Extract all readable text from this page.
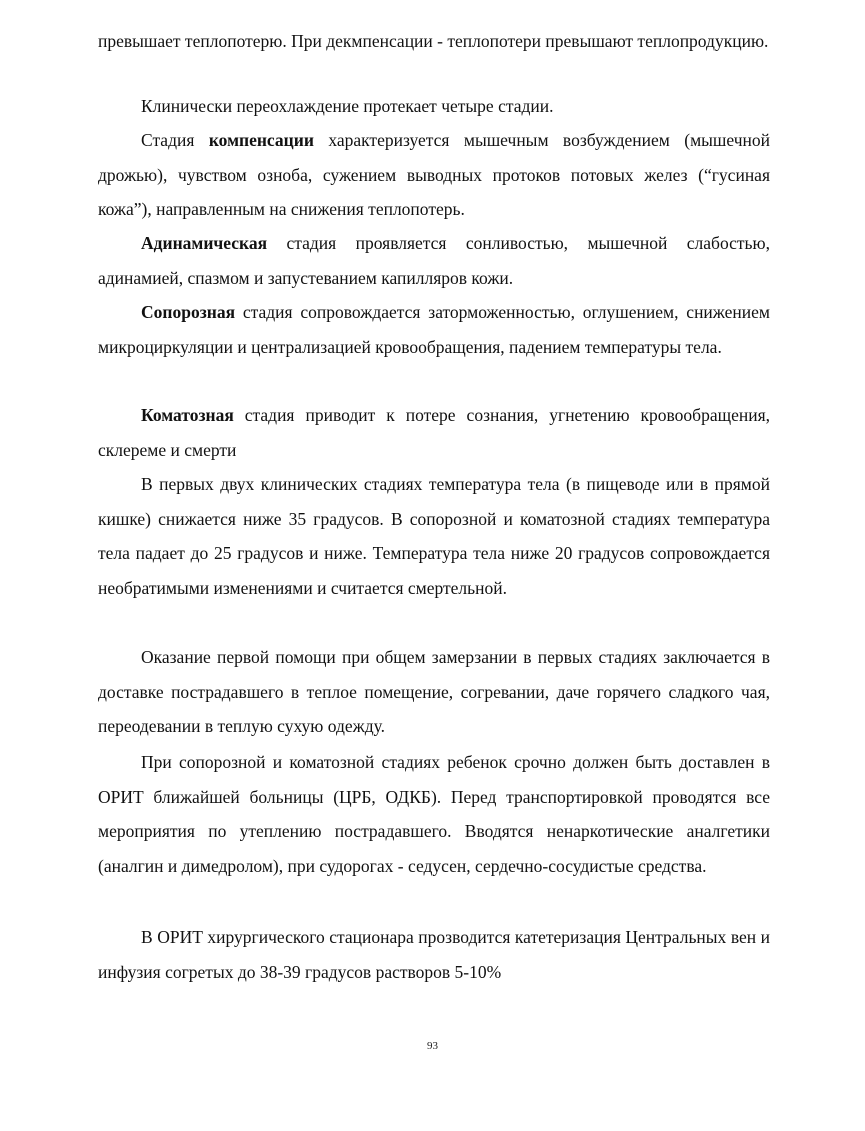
превышает теплопотерю. При декмпенсации - теплопотери превышают теплопродукцию.

Клинически переохлаждение протекает четыре стадии.

Стадия компенсации характеризуется мышечным возбуждением (мышечной дрожью), чувством озноба, сужением выводных протоков потовых желез (“гусиная кожа”), направленным на снижения теплопотерь.

Адинамическая стадия проявляется сонливостью, мышечной слабостью, адинамией, спазмом и запустеванием капилляров кожи.

Сопорозная стадия сопровождается заторможенностью, оглушением, снижением микроциркуляции и централизацией кровообращения, падением температуры тела.

Коматозная стадия приводит к потере сознания, угнетению кровообращения, склереме и смерти

В первых двух клинических стадиях температура тела (в пищеводе или в прямой кишке) снижается ниже 35 градусов. В сопорозной и коматозной стадиях температура тела падает до 25 градусов и ниже. Температура тела ниже 20 градусов сопровождается необратимыми изменениями и считается смертельной.

Оказание первой помощи при общем замерзании в первых стадиях заключается в доставке пострадавшего в теплое помещение, согревании, даче горячего сладкого чая, переодевании в теплую сухую одежду.

При сопорозной и коматозной стадиях ребенок срочно должен быть доставлен в ОРИТ ближайшей больницы (ЦРБ, ОДКБ). Перед транспортировкой проводятся все мероприятия по утеплению пострадавшего. Вводятся ненаркотические аналгетики (аналгин и димедролом), при судорогах - седусен, сердечно-сосудистые средства.

В ОРИТ хирургического стационара прозводится катетеризация Центральных вен и инфузия согретых до 38-39 градусов растворов 5-10%

93
